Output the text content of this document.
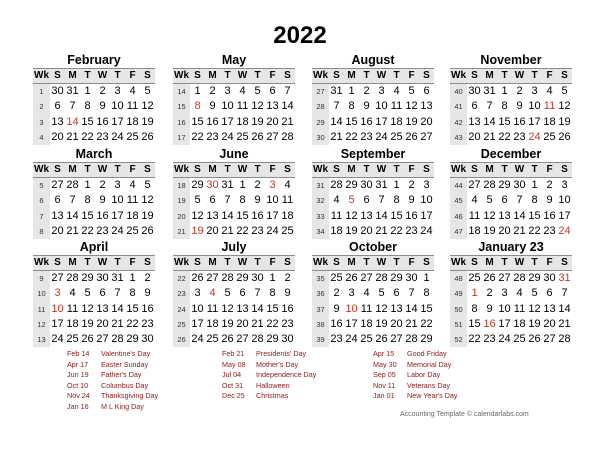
2022
February
Wk S M T W T F S
1 30 31 1 2 3 4 5
2 6 7 8 9 10 11 12
3 13 14 15 16 17 18 19
4 20 21 22 23 24 25 26
May
Wk S M T W T F S
14 1 2 3 4 5 6 7
15 8 9 10 11 12 13 14
16 15 16 17 18 19 20 21
17 22 23 24 25 26 27 28
August
Wk S M T W T F S
27 31 1 2 3 4 5 6
28 7 8 9 10 11 12 13
29 14 15 16 17 18 19 20
30 21 22 23 24 25 26 27
November
Wk S M T W T F S
40 30 31 1 2 3 4 5
41 6 7 8 9 10 11 12
42 13 14 15 16 17 18 19
43 20 21 22 23 24 25 26
March
Wk S M T W T F S
5 27 28 1 2 3 4 5
6 6 7 8 9 10 11 12
7 13 14 15 16 17 18 19
8 20 21 22 23 24 25 26
June
Wk S M T W T F S
18 29 30 31 1 2 3 4
19 5 6 7 8 9 10 11
20 12 13 14 15 16 17 18
21 19 20 21 22 23 24 25
September
Wk S M T W T F S
31 28 29 30 31 1 2 3
32 4 5 6 7 8 9 10
33 11 12 13 14 15 16 17
34 18 19 20 21 22 23 24
December
Wk S M T W T F S
44 27 28 29 30 1 2 3
45 4 5 6 7 8 9 10
46 11 12 13 14 15 16 17
47 18 19 20 21 22 23 24
April
Wk S M T W T F S
9 27 28 29 30 31 1 2
10 3 4 5 6 7 8 9
11 10 11 12 13 14 15 16
12 17 18 19 20 21 22 23
13 24 25 26 27 28 29 30
July
Wk S M T W T F S
22 26 27 28 29 30 1 2
23 3 4 5 6 7 8 9
24 10 11 12 13 14 15 16
25 17 18 19 20 21 22 23
26 24 25 26 27 28 29 30
October
Wk S M T W T F S
35 25 26 27 28 29 30 1
36 2 3 4 5 6 7 8
37 9 10 11 12 13 14 15
38 16 17 18 19 20 21 22
39 23 24 25 26 27 28 29
January 23
Wk S M T W T F S
48 25 26 27 28 29 30 31
49 1 2 3 4 5 6 7
50 8 9 10 11 12 13 14
51 15 16 17 18 19 20 21
52 22 23 24 25 26 27 28
Feb 14	Valentine's Day
Apr 17	Easter Sunday
Jun 19	Father's Day
Oct 10	Columbus Day
Nov 24	Thanksgiving Day
Jan 16	M L King Day
Feb 21	Presidents' Day
May 08	Mother's Day
Jul 04	Independence Day
Oct 31	Halloween
Dec 25	Christmas
Apr 15	Good Friday
May 30	Memorial Day
Sep 05	Labor Day
Nov 11	Veterans Day
Jan 01	New Year's Day
Accounting Template © calendarlabs.com
